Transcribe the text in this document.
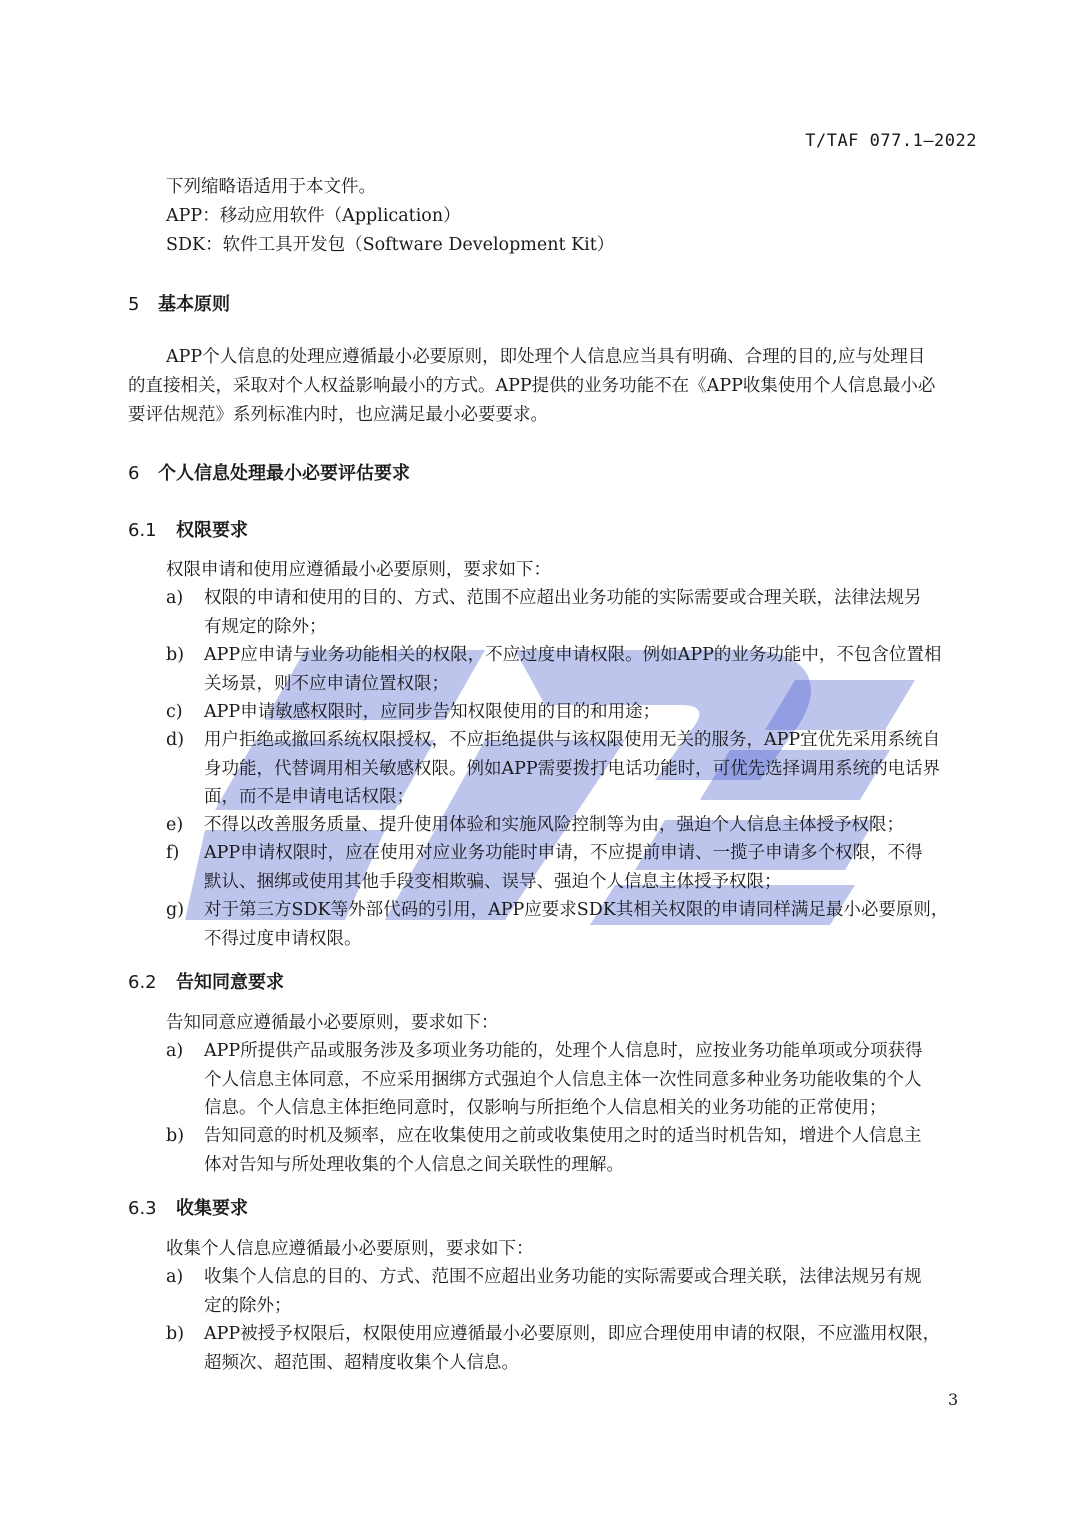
T/TAF 077.1—2022
下列缩略语适用于本文件。
APP：移动应用软件（Application）
SDK：软件工具开发包（Software Development Kit）
5 基本原则
APP个人信息的处理应遵循最小必要原则，即处理个人信息应当具有明确、合理的目的,应与处理目
的直接相关，采取对个人权益影响最小的方式。APP提供的业务功能不在《APP收集使用个人信息最小必
要评估规范》系列标准内时，也应满足最小必要要求。
6 个人信息处理最小必要评估要求
6.1 权限要求
权限申请和使用应遵循最小必要原则，要求如下：
a)	权限的申请和使用的目的、方式、范围不应超出业务功能的实际需要或合理关联，法律法规另
有规定的除外；
b)	APP应申请与业务功能相关的权限，不应过度申请权限。例如APP的业务功能中，不包含位置相
关场景，则不应申请位置权限；
c)	APP申请敏感权限时，应同步告知权限使用的目的和用途；
d)	用户拒绝或撤回系统权限授权，不应拒绝提供与该权限使用无关的服务，APP宜优先采用系统自
身功能，代替调用相关敏感权限。例如APP需要拨打电话功能时，可优先选择调用系统的电话界
面，而不是申请电话权限；
e)	不得以改善服务质量、提升使用体验和实施风险控制等为由，强迫个人信息主体授予权限；
f)	APP申请权限时，应在使用对应业务功能时申请，不应提前申请、一揽子申请多个权限，不得
默认、捆绑或使用其他手段变相欺骗、误导、强迫个人信息主体授予权限；
g)	对于第三方SDK等外部代码的引用，APP应要求SDK其相关权限的申请同样满足最小必要原则，
不得过度申请权限。
6.2 告知同意要求
告知同意应遵循最小必要原则，要求如下：
a)	APP所提供产品或服务涉及多项业务功能的，处理个人信息时，应按业务功能单项或分项获得
个人信息主体同意，不应采用捆绑方式强迫个人信息主体一次性同意多种业务功能收集的个人
信息。个人信息主体拒绝同意时，仅影响与所拒绝个人信息相关的业务功能的正常使用；
b)	告知同意的时机及频率，应在收集使用之前或收集使用之时的适当时机告知，增进个人信息主
体对告知与所处理收集的个人信息之间关联性的理解。
6.3 收集要求
收集个人信息应遵循最小必要原则，要求如下：
a)	收集个人信息的目的、方式、范围不应超出业务功能的实际需要或合理关联，法律法规另有规
定的除外；
b)	APP被授予权限后，权限使用应遵循最小必要原则，即应合理使用申请的权限，不应滥用权限，
超频次、超范围、超精度收集个人信息。
3
